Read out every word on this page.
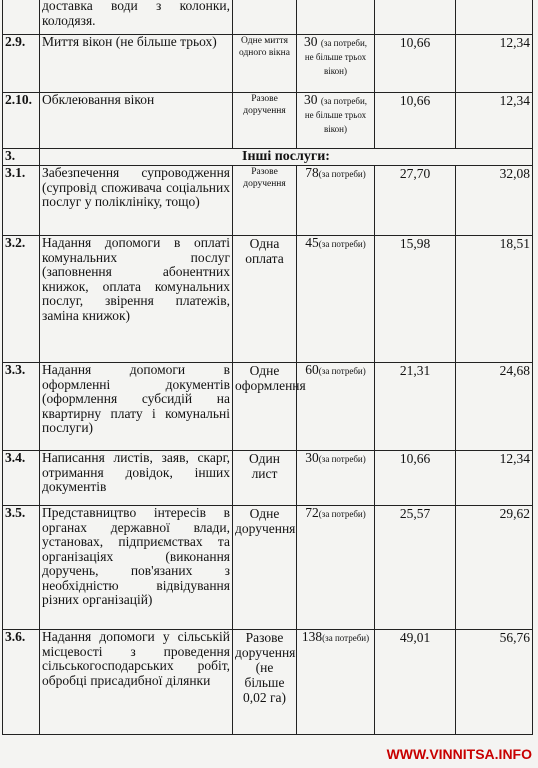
	доставка води з колонки, колодязя.				
2.9.	Миття вікон (не більше трьох)	Одне миття одного вікна	30 (за потреби, не більше трьох вікон)	10,66	12,34
2.10.	Обклеювання вікон	Разове доручення	30 (за потреби, не більше трьох вікон)	10,66	12,34
3.	Інші послуги:				
3.1.	Забезпечення супроводження (супровід споживача соціальних послуг у поліклініку, тощо)	Разове доручення	78(за потреби)	27,70	32,08
3.2.	Надання допомоги в оплаті комунальних послуг (заповнення абонентних книжок, оплата комунальних послуг, звірення платежів, заміна книжок)	Одна оплата	45(за потреби)	15,98	18,51
3.3.	Надання допомоги в оформленні документів (оформлення субсидій на квартирну плату і комунальні послуги)	Одне оформлення	60(за потреби)	21,31	24,68
3.4.	Написання листів, заяв, скарг, отримання довідок, інших документів	Один лист	30(за потреби)	10,66	12,34
3.5.	Представництво інтересів в органах державної влади, установах, підприємствах та організаціях (виконання доручень, пов'язаних з необхідністю відвідування різних організацій)	Одне доручення	72(за потреби)	25,57	29,62
3.6.	Надання допомоги у сільській місцевості з проведення сільськогосподарських робіт, обробці присадибної ділянки	Разове доручення (не більше 0,02 га)	138(за потреби)	49,01	56,76
WWW.VINNITSA.INFO
